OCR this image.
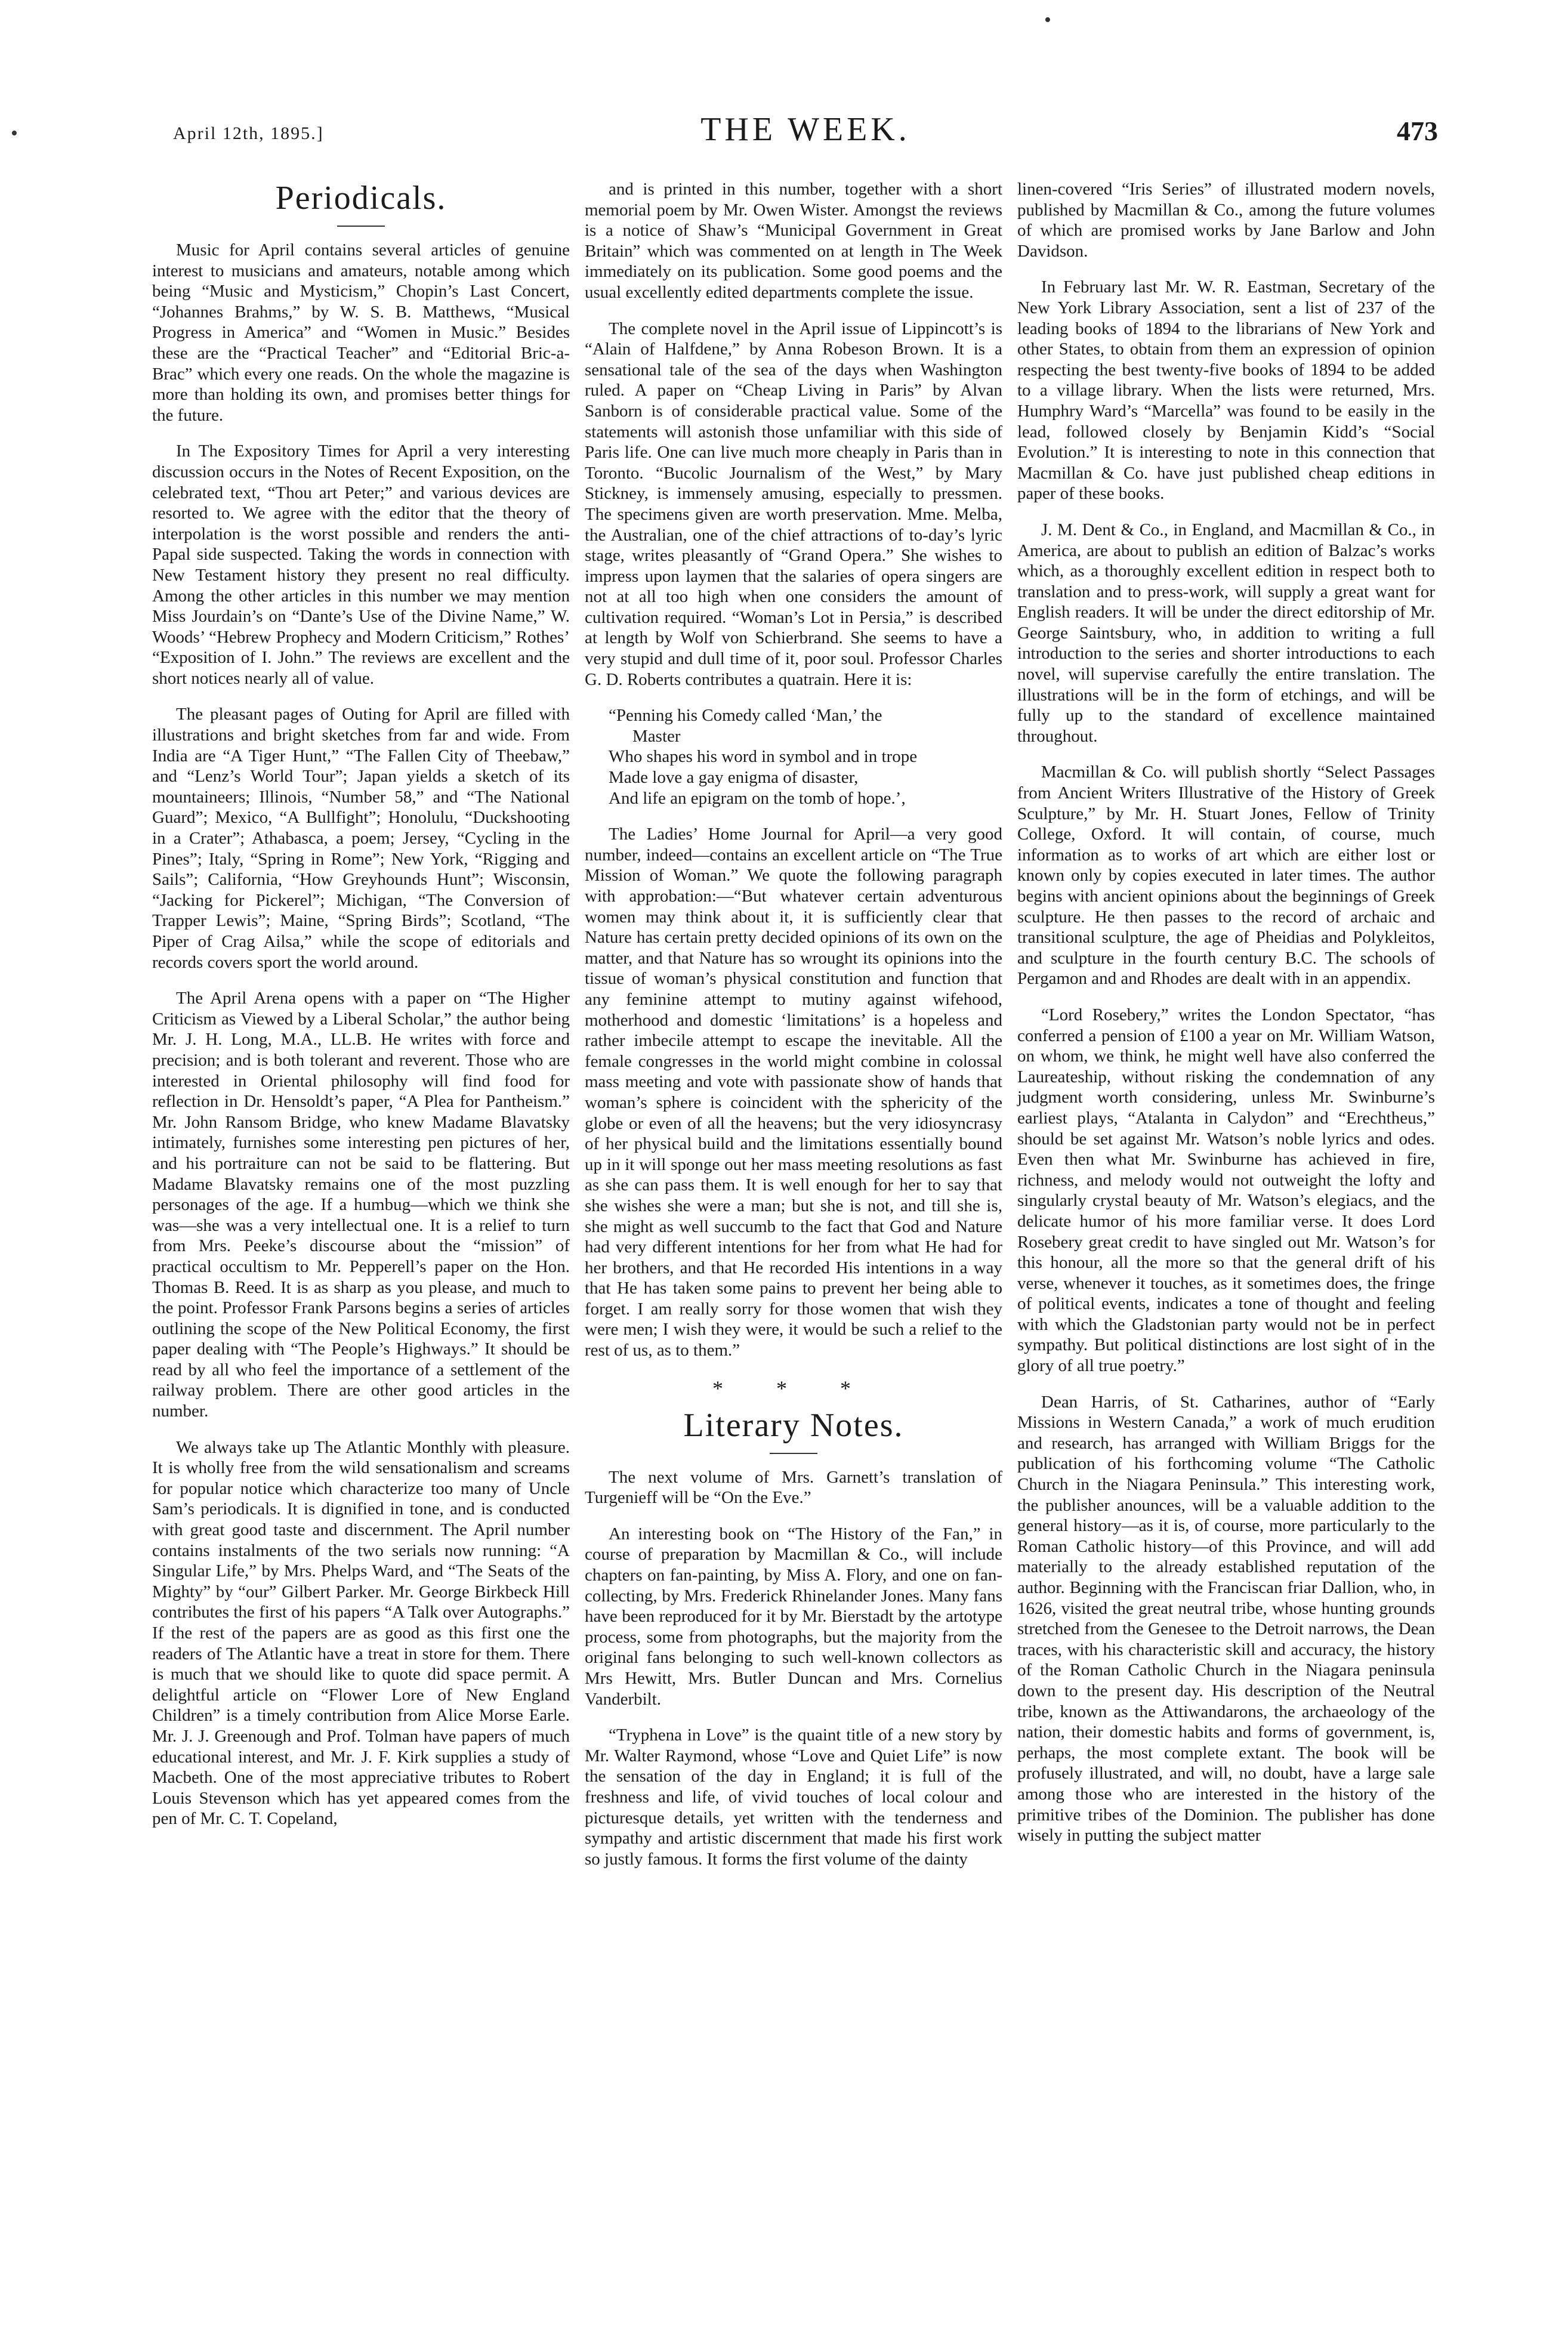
•
•
April 12th, 1895.]	THE WEEK.	473
Periodicals.

Music for April contains several articles of genuine interest to musicians and amateurs, notable among which being “Music and Mysticism,” Chopin’s Last Concert, “Johannes Brahms,” by W. S. B. Matthews, “Musical Progress in America” and “Women in Music.” Besides these are the “Practical Teacher” and “Editorial Bric-a-Brac” which every one reads. On the whole the magazine is more than holding its own, and promises better things for the future.

In The Expository Times for April a very interesting discussion occurs in the Notes of Recent Exposition, on the celebrated text, “Thou art Peter;” and various devices are resorted to. We agree with the editor that the theory of interpolation is the worst possible and renders the anti-Papal side suspected. Taking the words in connection with New Testament history they present no real difficulty. Among the other articles in this number we may mention Miss Jourdain’s on “Dante’s Use of the Divine Name,” W. Woods’ “Hebrew Prophecy and Modern Criticism,” Rothes’ “Exposition of I. John.” The reviews are excellent and the short notices nearly all of value.

The pleasant pages of Outing for April are filled with illustrations and bright sketches from far and wide. From India are “A Tiger Hunt,” “The Fallen City of Theebaw,” and “Lenz’s World Tour”; Japan yields a sketch of its mountaineers; Illinois, “Number 58,” and “The National Guard”; Mexico, “A Bullfight”; Honolulu, “Duckshooting in a Crater”; Athabasca, a poem; Jersey, “Cycling in the Pines”; Italy, “Spring in Rome”; New York, “Rigging and Sails”; California, “How Greyhounds Hunt”; Wisconsin, “Jacking for Pickerel”; Michigan, “The Conversion of Trapper Lewis”; Maine, “Spring Birds”; Scotland, “The Piper of Crag Ailsa,” while the scope of editorials and records covers sport the world around.

The April Arena opens with a paper on “The Higher Criticism as Viewed by a Liberal Scholar,” the author being Mr. J. H. Long, M.A., LL.B. He writes with force and precision; and is both tolerant and reverent. Those who are interested in Oriental philosophy will find food for reflection in Dr. Hensoldt’s paper, “A Plea for Pantheism.” Mr. John Ransom Bridge, who knew Madame Blavatsky intimately, furnishes some interesting pen pictures of her, and his portraiture can not be said to be flattering. But Madame Blavatsky remains one of the most puzzling personages of the age. If a humbug—which we think she was—she was a very intellectual one. It is a relief to turn from Mrs. Peeke’s discourse about the “mission” of practical occultism to Mr. Pepperell’s paper on the Hon. Thomas B. Reed. It is as sharp as you please, and much to the point. Professor Frank Parsons begins a series of articles outlining the scope of the New Political Economy, the first paper dealing with “The People’s Highways.” It should be read by all who feel the importance of a settlement of the railway problem. There are other good articles in the number.

We always take up The Atlantic Monthly with pleasure. It is wholly free from the wild sensationalism and screams for popular notice which characterize too many of Uncle Sam’s periodicals. It is dignified in tone, and is conducted with great good taste and discernment. The April number contains instalments of the two serials now running: “A Singular Life,” by Mrs. Phelps Ward, and “The Seats of the Mighty” by “our” Gilbert Parker. Mr. George Birkbeck Hill contributes the first of his papers “A Talk over Autographs.” If the rest of the papers are as good as this first one the readers of The Atlantic have a treat in store for them. There is much that we should like to quote did space permit. A delightful article on “Flower Lore of New England Children” is a timely contribution from Alice Morse Earle. Mr. J. J. Greenough and Prof. Tolman have papers of much educational interest, and Mr. J. F. Kirk supplies a study of Macbeth. One of the most appreciative tributes to Robert Louis Stevenson which has yet appeared comes from the pen of Mr. C. T. Copeland,

and is printed in this number, together with a short memorial poem by Mr. Owen Wister. Amongst the reviews is a notice of Shaw’s “Municipal Government in Great Britain” which was commented on at length in The Week immediately on its publication. Some good poems and the usual excellently edited departments complete the issue.

The complete novel in the April issue of Lippincott’s is “Alain of Halfdene,” by Anna Robeson Brown. It is a sensational tale of the sea of the days when Washington ruled. A paper on “Cheap Living in Paris” by Alvan Sanborn is of considerable practical value. Some of the statements will astonish those unfamiliar with this side of Paris life. One can live much more cheaply in Paris than in Toronto. “Bucolic Journalism of the West,” by Mary Stickney, is immensely amusing, especially to pressmen. The specimens given are worth preservation. Mme. Melba, the Australian, one of the chief attractions of to-day’s lyric stage, writes pleasantly of “Grand Opera.” She wishes to impress upon laymen that the salaries of opera singers are not at all too high when one considers the amount of cultivation required. “Woman’s Lot in Persia,” is described at length by Wolf von Schierbrand. She seems to have a very stupid and dull time of it, poor soul. Professor Charles G. D. Roberts contributes a quatrain. Here it is:

“Penning his Comedy called ‘Man,’ the

Master

Who shapes his word in symbol and in trope

Made love a gay enigma of disaster,

And life an epigram on the tomb of hope.’,

The Ladies’ Home Journal for April—a very good number, indeed—contains an excellent article on “The True Mission of Woman.” We quote the following paragraph with approbation:—“But whatever certain adventurous women may think about it, it is sufficiently clear that Nature has certain pretty decided opinions of its own on the matter, and that Nature has so wrought its opinions into the tissue of woman’s physical constitution and function that any feminine attempt to mutiny against wifehood, motherhood and domestic ‘limitations’ is a hopeless and rather imbecile attempt to escape the inevitable. All the female congresses in the world might combine in colossal mass meeting and vote with passionate show of hands that woman’s sphere is coincident with the sphericity of the globe or even of all the heavens; but the very idiosyncrasy of her physical build and the limitations essentially bound up in it will sponge out her mass meeting resolutions as fast as she can pass them. It is well enough for her to say that she wishes she were a man; but she is not, and till she is, she might as well succumb to the fact that God and Nature had very different intentions for her from what He had for her brothers, and that He recorded His intentions in a way that He has taken some pains to prevent her being able to forget. I am really sorry for those women that wish they were men; I wish they were, it would be such a relief to the rest of us, as to them.”

* * *
Literary Notes.

The next volume of Mrs. Garnett’s translation of Turgenieff will be “On the Eve.”

An interesting book on “The History of the Fan,” in course of preparation by Macmillan & Co., will include chapters on fan-painting, by Miss A. Flory, and one on fan-collecting, by Mrs. Frederick Rhinelander Jones. Many fans have been reproduced for it by Mr. Bierstadt by the artotype process, some from photographs, but the majority from the original fans belonging to such well-known collectors as Mrs Hewitt, Mrs. Butler Duncan and Mrs. Cornelius Vanderbilt.

“Tryphena in Love” is the quaint title of a new story by Mr. Walter Raymond, whose “Love and Quiet Life” is now the sensation of the day in England; it is full of the freshness and life, of vivid touches of local colour and picturesque details, yet written with the tenderness and sympathy and artistic discernment that made his first work so justly famous. It forms the first volume of the dainty

linen-covered “Iris Series” of illustrated modern novels, published by Macmillan & Co., among the future volumes of which are promised works by Jane Barlow and John Davidson.

In February last Mr. W. R. Eastman, Secretary of the New York Library Association, sent a list of 237 of the leading books of 1894 to the librarians of New York and other States, to obtain from them an expression of opinion respecting the best twenty-five books of 1894 to be added to a village library. When the lists were returned, Mrs. Humphry Ward’s “Marcella” was found to be easily in the lead, followed closely by Benjamin Kidd’s “Social Evolution.” It is interesting to note in this connection that Macmillan & Co. have just published cheap editions in paper of these books.

J. M. Dent & Co., in England, and Macmillan & Co., in America, are about to publish an edition of Balzac’s works which, as a thoroughly excellent edition in respect both to translation and to press-work, will supply a great want for English readers. It will be under the direct editorship of Mr. George Saintsbury, who, in addition to writing a full introduction to the series and shorter introductions to each novel, will supervise carefully the entire translation. The illustrations will be in the form of etchings, and will be fully up to the standard of excellence maintained throughout.

Macmillan & Co. will publish shortly “Select Passages from Ancient Writers Illustrative of the History of Greek Sculpture,” by Mr. H. Stuart Jones, Fellow of Trinity College, Oxford. It will contain, of course, much information as to works of art which are either lost or known only by copies executed in later times. The author begins with ancient opinions about the beginnings of Greek sculpture. He then passes to the record of archaic and transitional sculpture, the age of Pheidias and Polykleitos, and sculpture in the fourth century B.C. The schools of Pergamon and and Rhodes are dealt with in an appendix.

“Lord Rosebery,” writes the London Spectator, “has conferred a pension of £100 a year on Mr. William Watson, on whom, we think, he might well have also conferred the Laureateship, without risking the condemnation of any judgment worth considering, unless Mr. Swinburne’s earliest plays, “Atalanta in Calydon” and “Erechtheus,” should be set against Mr. Watson’s noble lyrics and odes. Even then what Mr. Swinburne has achieved in fire, richness, and melody would not outweight the lofty and singularly crystal beauty of Mr. Watson’s elegiacs, and the delicate humor of his more familiar verse. It does Lord Rosebery great credit to have singled out Mr. Watson’s for this honour, all the more so that the general drift of his verse, whenever it touches, as it sometimes does, the fringe of political events, indicates a tone of thought and feeling with which the Gladstonian party would not be in perfect sympathy. But political distinctions are lost sight of in the glory of all true poetry.”

Dean Harris, of St. Catharines, author of “Early Missions in Western Canada,” a work of much erudition and research, has arranged with William Briggs for the publication of his forthcoming volume “The Catholic Church in the Niagara Peninsula.” This interesting work, the publisher anounces, will be a valuable addition to the general history—as it is, of course, more particularly to the Roman Catholic history—of this Province, and will add materially to the already established reputation of the author. Beginning with the Franciscan friar Dallion, who, in 1626, visited the great neutral tribe, whose hunting grounds stretched from the Genesee to the Detroit narrows, the Dean traces, with his characteristic skill and accuracy, the history of the Roman Catholic Church in the Niagara peninsula down to the present day. His description of the Neutral tribe, known as the Attiwandarons, the archaeology of the nation, their domestic habits and forms of government, is, perhaps, the most complete extant. The book will be profusely illustrated, and will, no doubt, have a large sale among those who are interested in the history of the primitive tribes of the Dominion. The publisher has done wisely in putting the subject matter
